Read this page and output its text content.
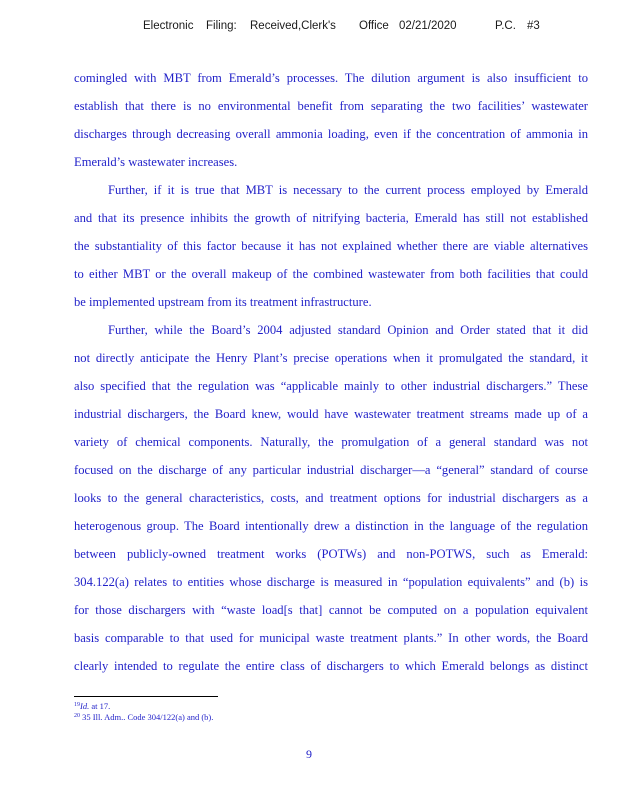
Electronic Filing: Received,Clerk's Office 02/21/2020	P.C. #3
comingled with MBT from Emerald’s processes. The dilution argument is also insufficient to
establish that there is no environmental benefit from separating the two facilities’ wastewater
discharges through decreasing overall ammonia loading, even if the concentration of ammonia in
Emerald’s wastewater increases.
Further, if it is true that MBT is necessary to the current process employed by Emerald
and that its presence inhibits the growth of nitrifying bacteria, Emerald has still not established
the substantiality of this factor because it has not explained whether there are viable alternatives
to either MBT or the overall makeup of the combined wastewater from both facilities that could
be implemented upstream from its treatment infrastructure.
Further, while the Board’s 2004 adjusted standard Opinion and Order stated that it did
not directly anticipate the Henry Plant’s precise operations when it promulgated the standard, it
also specified that the regulation was “applicable mainly to other industrial dischargers.” These
industrial dischargers, the Board knew, would have wastewater treatment streams made up of a
variety of chemical components. Naturally, the promulgation of a general standard was not
focused on the discharge of any particular industrial discharger—a “general” standard of course
looks to the general characteristics, costs, and treatment options for industrial dischargers as a
heterogenous group. The Board intentionally drew a distinction in the language of the regulation
between publicly-owned treatment works (POTWs) and non-POTWS, such as Emerald:
304.122(a) relates to entities whose discharge is measured in “population equivalents” and (b) is
for those dischargers with “waste load[s that] cannot be computed on a population equivalent
basis comparable to that used for municipal waste treatment plants.” In other words, the Board
clearly intended to regulate the entire class of dischargers to which Emerald belongs as distinct
$^{19}$Id. at 17.
$^{20}$ 35 Ill. Adm.. Code 304/122(a) and (b).
9
